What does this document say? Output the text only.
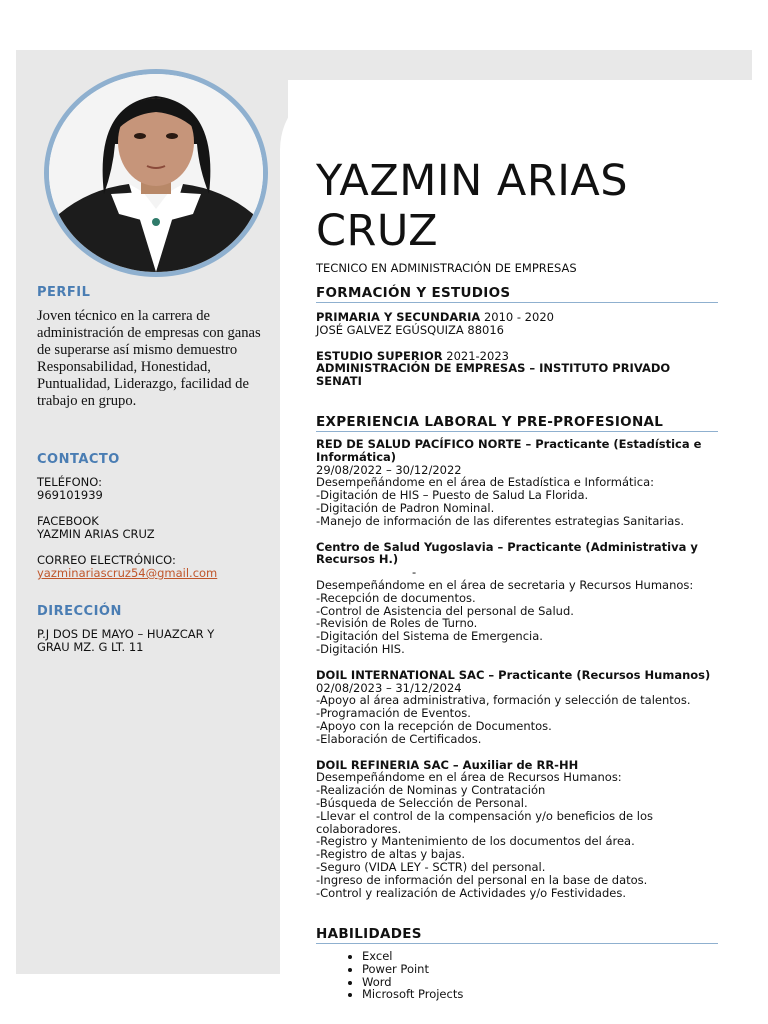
PERFIL

Joven técnico en la carrera de administración de empresas con ganas de superarse así mismo demuestro Responsabilidad, Honestidad, Puntualidad, Liderazgo, facilidad de trabajo en grupo.

CONTACTO

TELÉFONO:

969101939

FACEBOOK

YAZMIN ARIAS CRUZ

CORREO ELECTRÓNICO:

yazminariascruz54@gmail.com

DIRECCIÓN

P.J DOS DE MAYO – HUAZCAR Y

GRAU MZ. G LT. 11

YAZMIN ARIAS
CRUZ

TECNICO EN ADMINISTRACIÓN DE EMPRESAS

FORMACIÓN Y ESTUDIOS

PRIMARIA Y SECUNDARIA 2010 - 2020

JOSÉ GALVEZ EGÚSQUIZA 88016

ESTUDIO SUPERIOR 2021-2023

ADMINISTRACIÓN DE EMPRESAS – INSTITUTO PRIVADO SENATI

EXPERIENCIA LABORAL Y PRE-PROFESIONAL

RED DE SALUD PACÍFICO NORTE – Practicante (Estadística e Informática)

29/08/2022 – 30/12/2022

Desempeñándome en el área de Estadística e Informática:

-Digitación de HIS – Puesto de Salud La Florida.

-Digitación de Padron Nominal.

-Manejo de información de las diferentes estrategias Sanitarias.

Centro de Salud Yugoslavia – Practicante (Administrativa y Recursos H.)

-

Desempeñándome en el área de secretaria y Recursos Humanos:

-Recepción de documentos.

-Control de Asistencia del personal de Salud.

-Revisión de Roles de Turno.

-Digitación del Sistema de Emergencia.

-Digitación HIS.

DOIL INTERNATIONAL SAC – Practicante (Recursos Humanos)

02/08/2023 – 31/12/2024

-Apoyo al área administrativa, formación y selección de talentos.

-Programación de Eventos.

-Apoyo con la recepción de Documentos.

-Elaboración de Certificados.

DOIL REFINERIA SAC – Auxiliar de RR-HH

Desempeñándome en el área de Recursos Humanos:

-Realización de Nominas y Contratación

-Búsqueda de Selección de Personal.

-Llevar el control de la compensación y/o beneficios de los colaboradores.

-Registro y Mantenimiento de los documentos del área.

-Registro de altas y bajas.

-Seguro (VIDA LEY - SCTR) del personal.

-Ingreso de información del personal en la base de datos.

-Control y realización de Actividades y/o Festividades.

HABILIDADES
• Excel
• Power Point
• Word
• Microsoft Projects
